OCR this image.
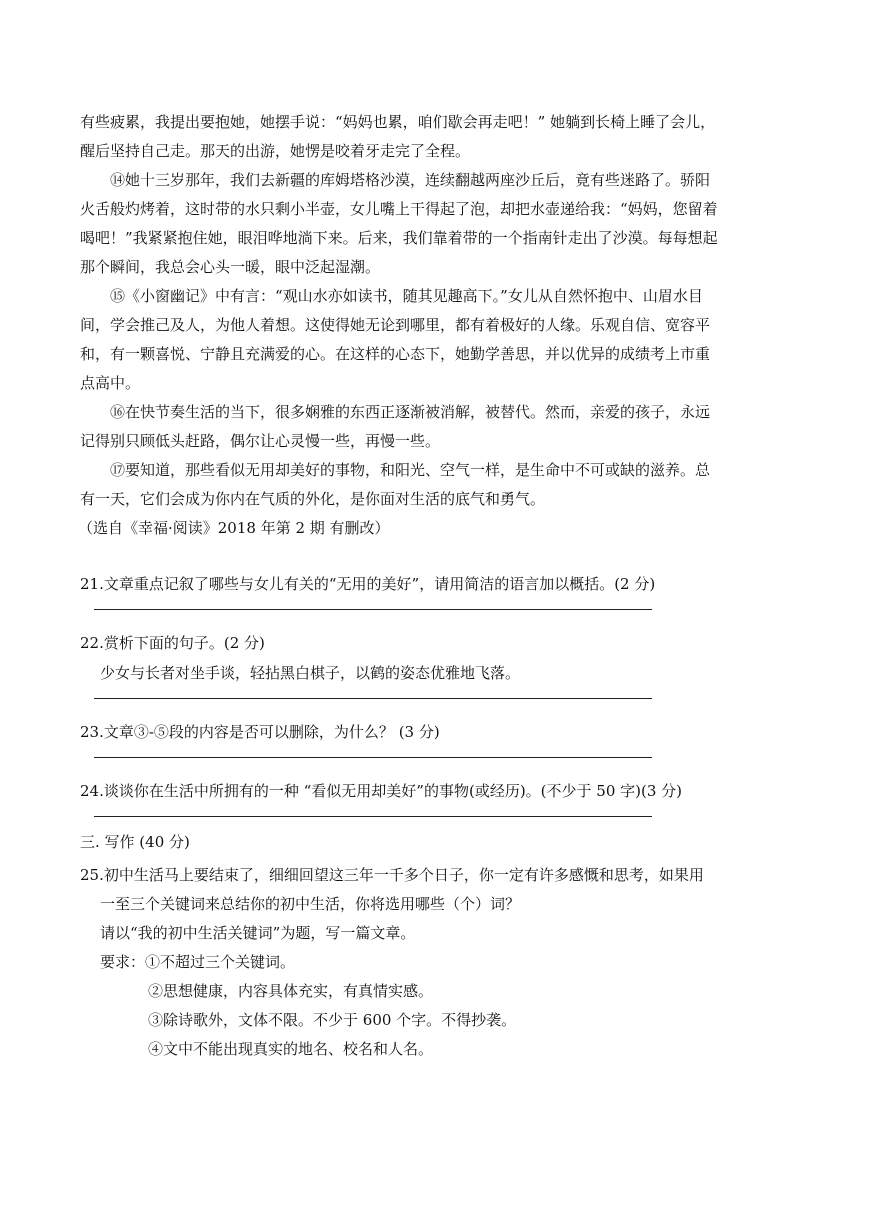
有些疲累，我提出要抱她，她摆手说：“妈妈也累，咱们歇会再走吧！” 她躺到长椅上睡了会儿，醒后坚持自己走。那天的出游，她愣是咬着牙走完了全程。

⑭她十三岁那年，我们去新疆的库姆塔格沙漠，连续翻越两座沙丘后，竟有些迷路了。骄阳火舌般灼烤着，这时带的水只剩小半壶，女儿嘴上干得起了泡，却把水壶递给我：“妈妈，您留着喝吧！”我紧紧抱住她，眼泪哗地淌下来。后来，我们靠着带的一个指南针走出了沙漠。每每想起那个瞬间，我总会心头一暖，眼中泛起湿潮。

⑮《小窗幽记》中有言：“观山水亦如读书，随其见趣高下。”女儿从自然怀抱中、山眉水目间，学会推己及人，为他人着想。这使得她无论到哪里，都有着极好的人缘。乐观自信、宽容平和，有一颗喜悦、宁静且充满爱的心。在这样的心态下，她勤学善思，并以优异的成绩考上市重点高中。

⑯在快节奏生活的当下，很多娴雅的东西正逐渐被消解，被替代。然而，亲爱的孩子，永远记得别只顾低头赶路，偶尔让心灵慢一些，再慢一些。

⑰要知道，那些看似无用却美好的事物，和阳光、空气一样，是生命中不可或缺的滋养。总有一天，它们会成为你内在气质的外化，是你面对生活的底气和勇气。

（选自《幸福·阅读》2018 年第 2 期 有删改）

21.文章重点记叙了哪些与女儿有关的“无用的美好”，请用简洁的语言加以概括。(2 分)

22.赏析下面的句子。(2 分)

少女与长者对坐手谈，轻拈黑白棋子，以鹤的姿态优雅地飞落。

23.文章③-⑤段的内容是否可以删除，为什么？ (3 分)

24.谈谈你在生活中所拥有的一种 “看似无用却美好”的事物(或经历)。(不少于 50 字)(3 分)

三. 写作 (40 分)

25.初中生活马上要结束了，细细回望这三年一千多个日子，你一定有许多感慨和思考，如果用

一至三个关键词来总结你的初中生活，你将选用哪些（个）词？

请以“我的初中生活关键词”为题，写一篇文章。

要求：①不超过三个关键词。

②思想健康，内容具体充实，有真情实感。

③除诗歌外，文体不限。不少于 600 个字。不得抄袭。

④文中不能出现真实的地名、校名和人名。
